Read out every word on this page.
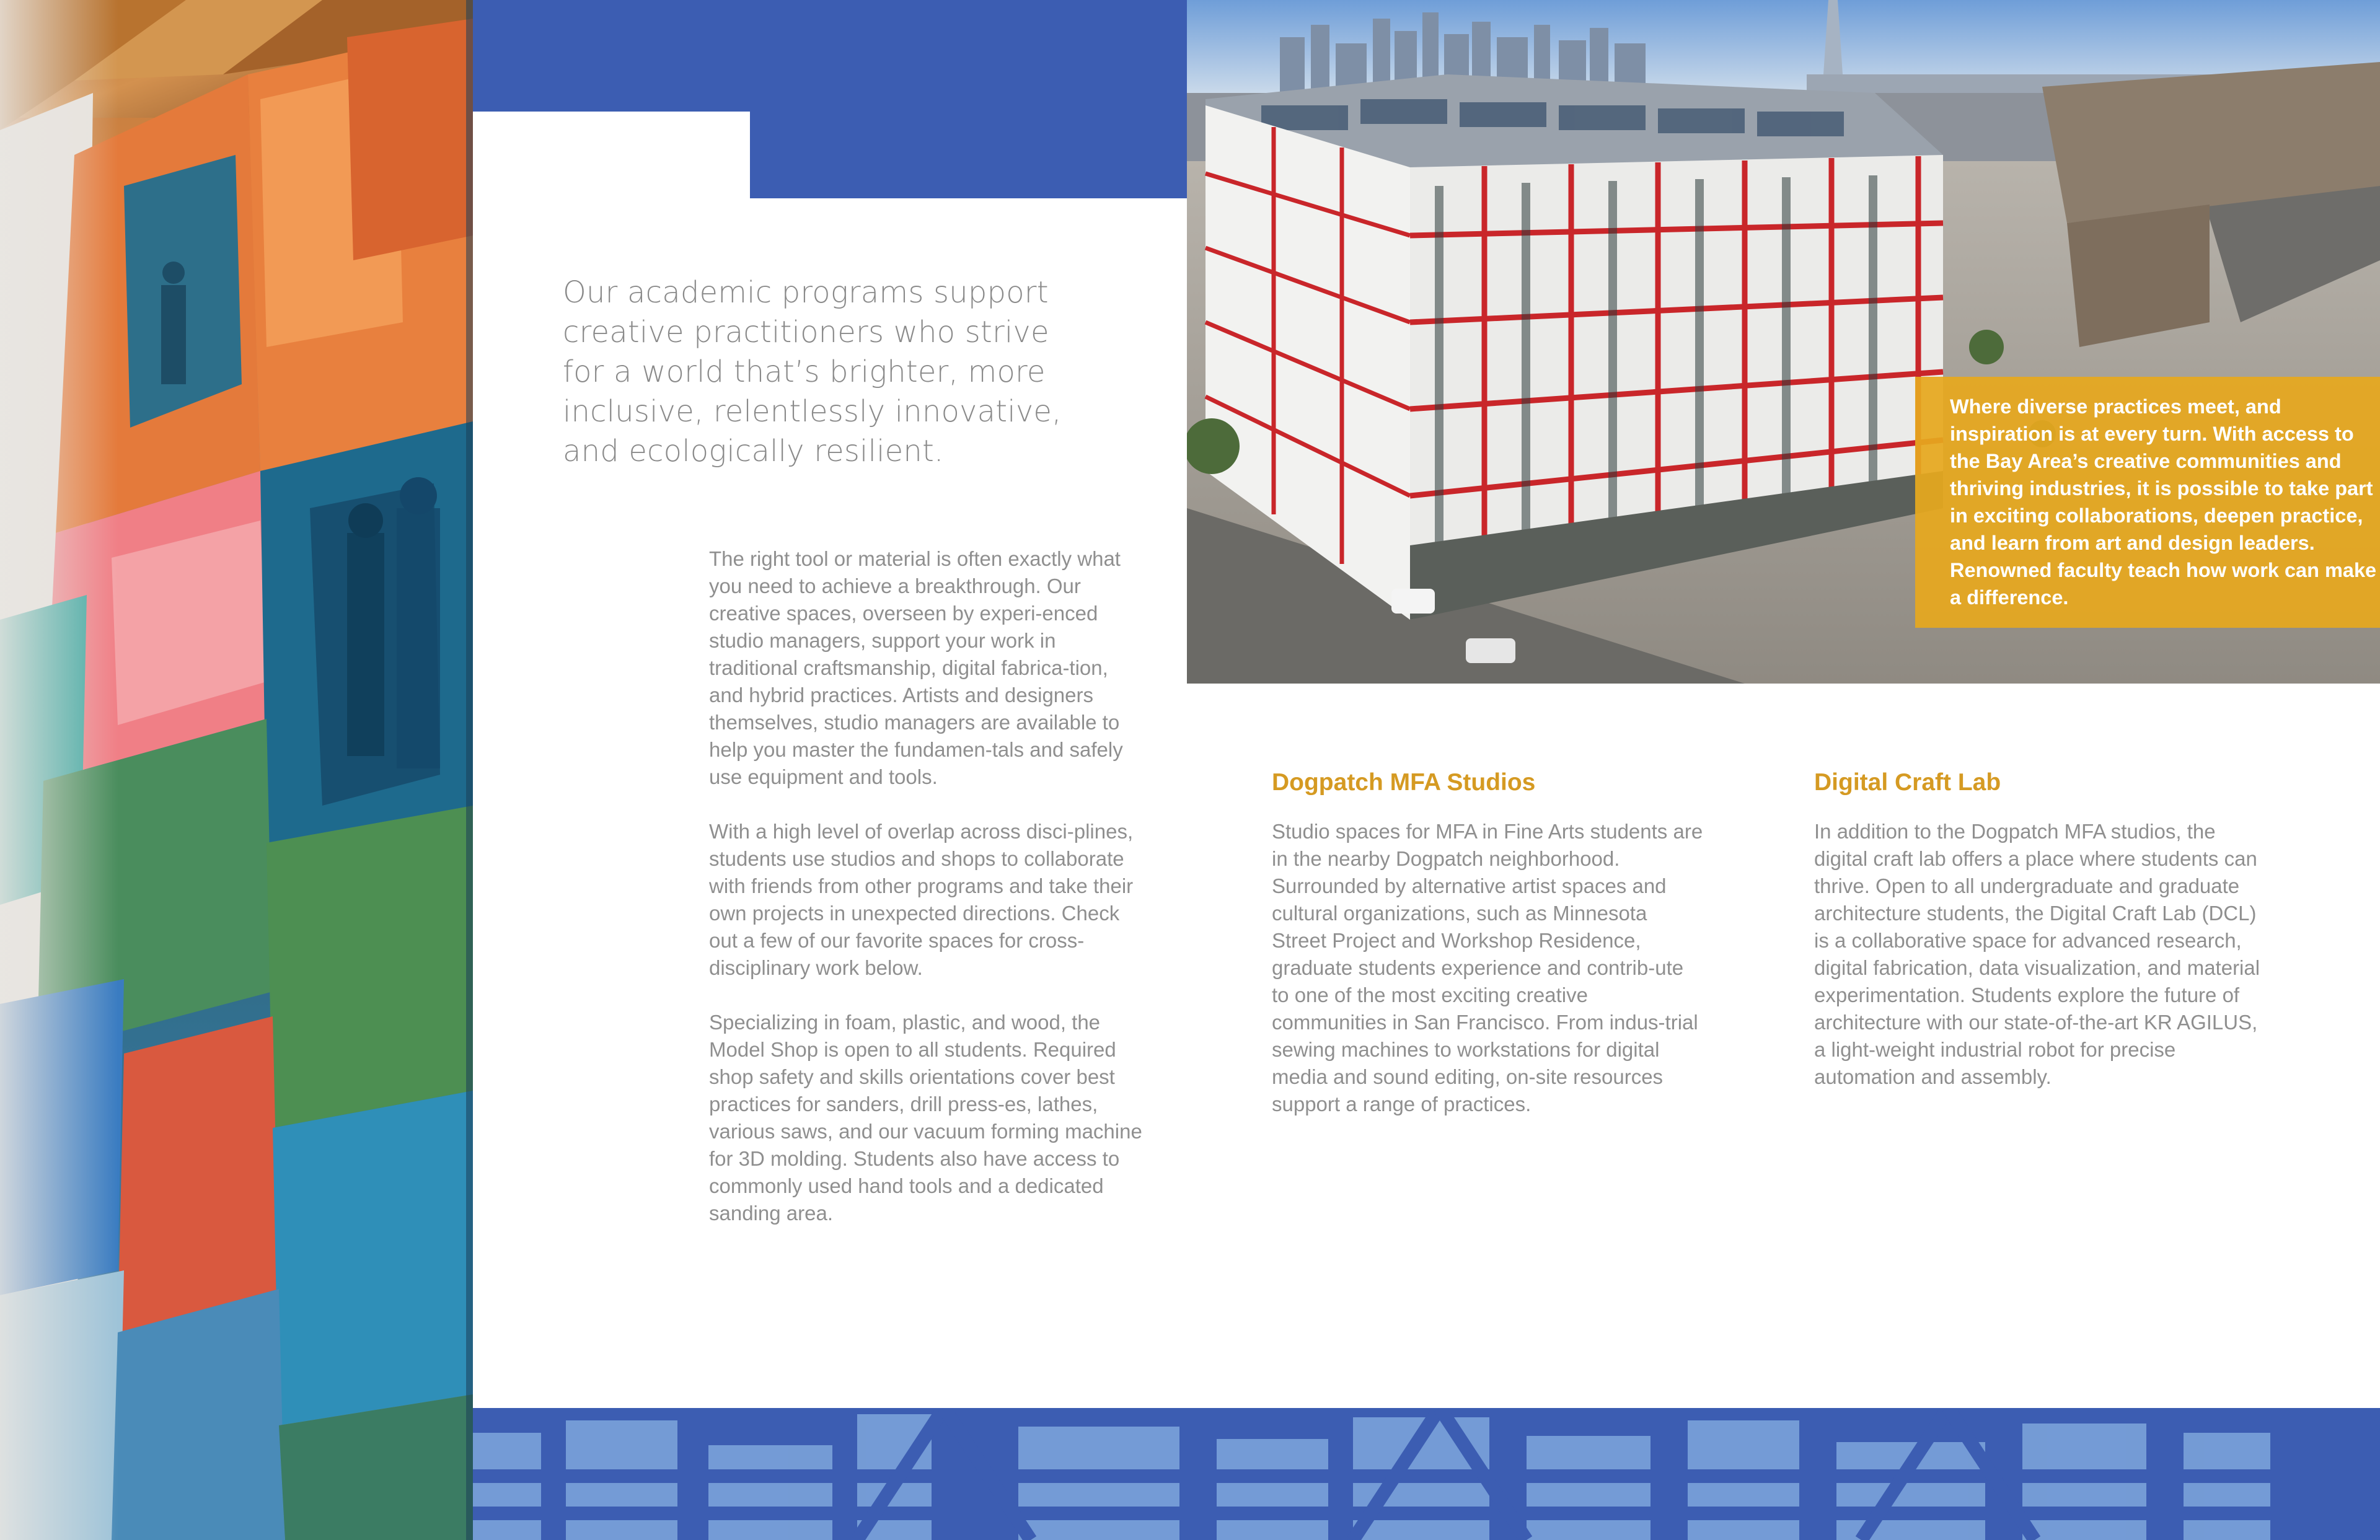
Our academic programs support
creative practitioners who strive
for a world that’s brighter, more
inclusive, relentlessly innovative,
and ecologically resilient.

The right tool or material is often exactly what you need to achieve a breakthrough. Our creative spaces, overseen by experi-enced studio managers, support your work in traditional craftsmanship, digital fabrica-tion, and hybrid practices. Artists and designers themselves, studio managers are available to help you master the fundamen-tals and safely use equipment and tools.

With a high level of overlap across disci-plines, students use studios and shops to collaborate with friends from other programs and take their own projects in unexpected directions. Check out a few of our favorite spaces for cross-disciplinary work below.

Specializing in foam, plastic, and wood, the Model Shop is open to all students. Required shop safety and skills orientations cover best practices for sanders, drill press-es, lathes, various saws, and our vacuum forming machine for 3D molding. Students also have access to commonly used hand tools and a dedicated sanding area.

Where diverse practices meet, and inspiration is at every turn. With access to the Bay Area’s creative communities and thriving industries, it is possible to take part in exciting collaborations, deepen practice, and learn from art and design leaders. Renowned faculty teach how work can make a difference.
Dogpatch MFA Studios

Studio spaces for MFA in Fine Arts students are in the nearby Dogpatch neighborhood. Surrounded by alternative artist spaces and cultural organizations, such as Minnesota Street Project and Workshop Residence, graduate students experience and contrib-ute to one of the most exciting creative communities in San Francisco. From indus-trial sewing machines to workstations for digital media and sound editing, on-site resources support a range of practices.

Digital Craft Lab

In addition to the Dogpatch MFA studios, the digital craft lab offers a place where students can thrive. Open to all undergraduate and graduate architecture students, the Digital Craft Lab (DCL) is a collaborative space for advanced research, digital fabrication, data visualization, and material experimentation. Students explore the future of architecture with our state-of-the-art KR AGILUS, a light-weight industrial robot for precise automation and assembly.
